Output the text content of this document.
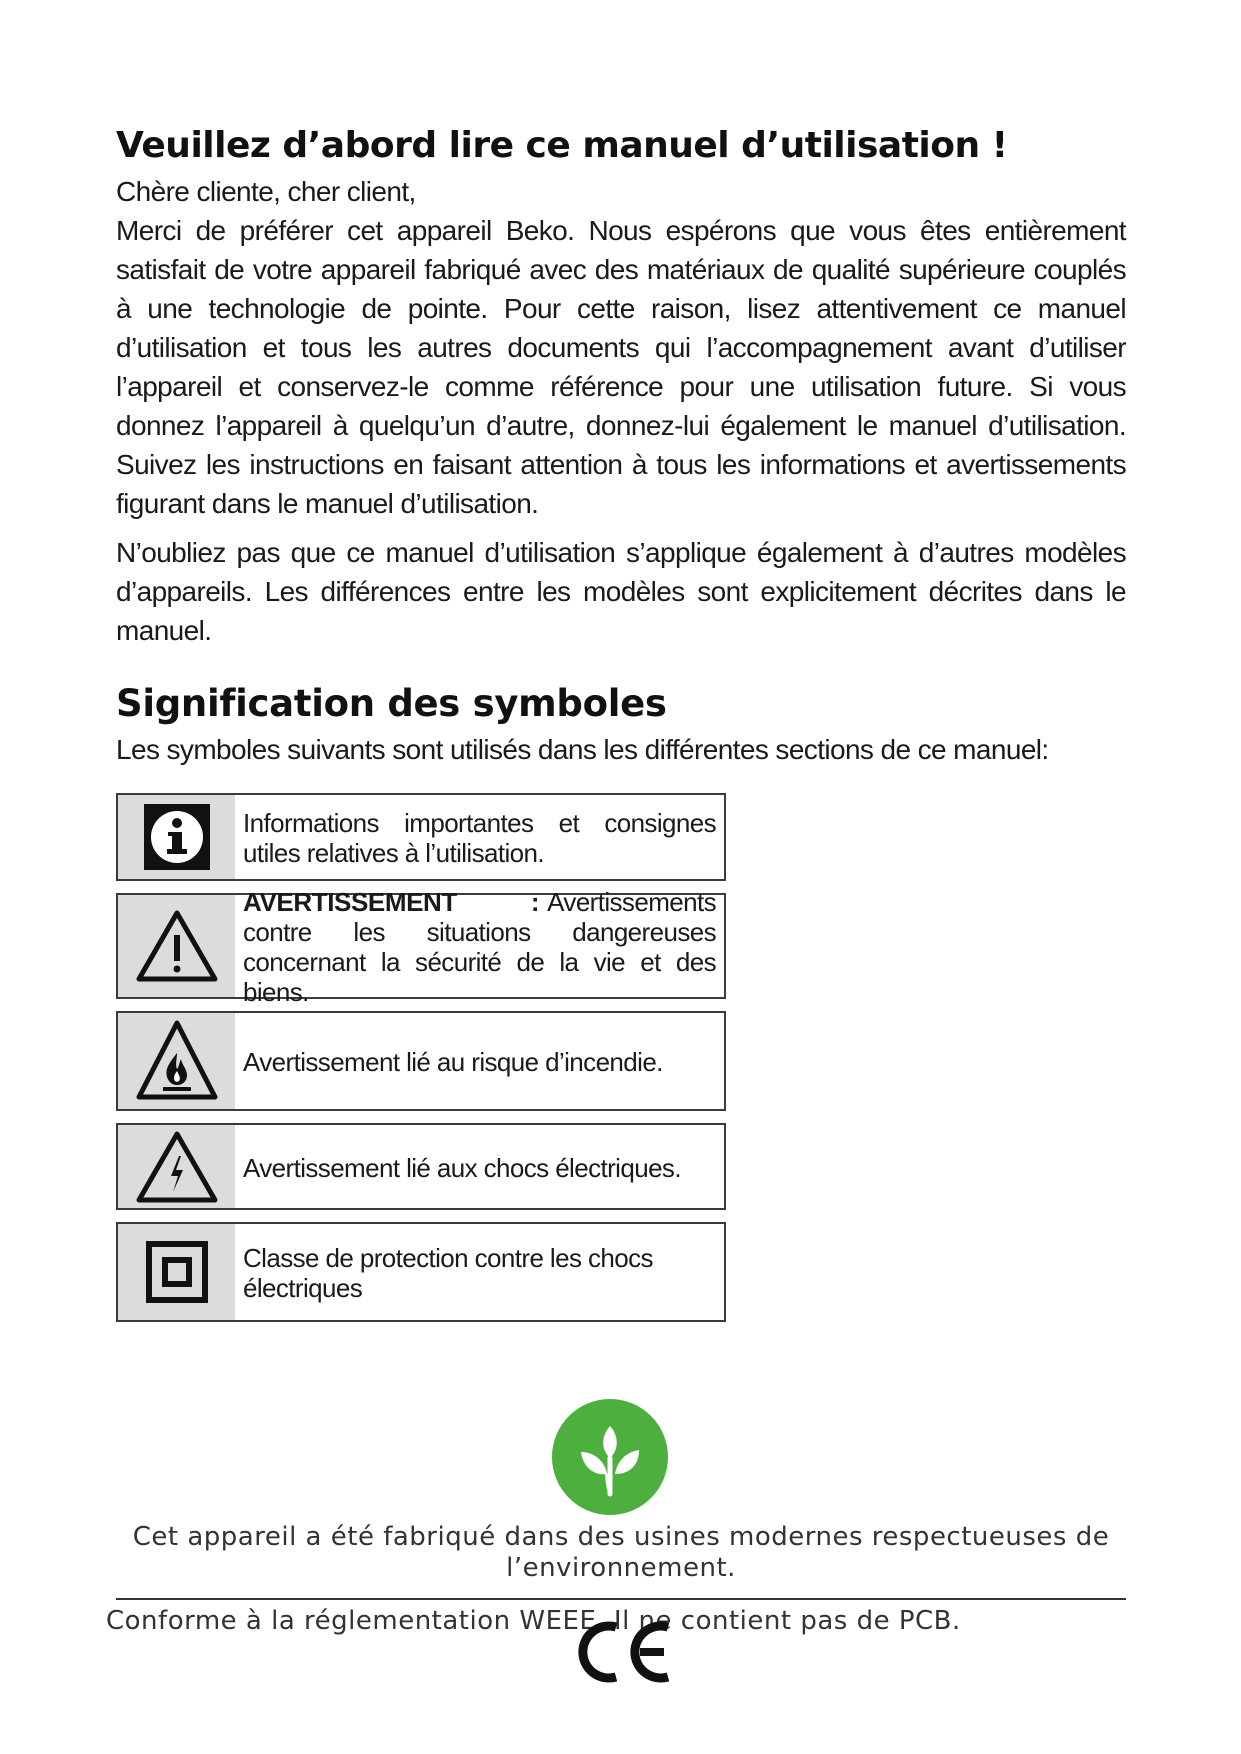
Veuillez d’abord lire ce manuel d’utilisation !

Chère cliente, cher client,

Merci de préférer cet appareil Beko. Nous espérons que vous êtes entièrement satisfait de votre appareil fabriqué avec des matériaux de qualité supérieure couplés à une technologie de pointe. Pour cette raison, lisez attentivement ce manuel d’utilisation et tous les autres documents qui l’accompagnement avant d’utiliser l’appareil et conservez-le comme référence pour une utilisation future. Si vous donnez l’appareil à quelqu’un d’autre, donnez-lui également le manuel d’utilisation. Suivez les instructions en faisant attention à tous les informations et avertissements figurant dans le manuel d’utilisation.

N’oubliez pas que ce manuel d’utilisation s’applique également à d’autres modèles d’appareils. Les différences entre les modèles sont explicitement décrites dans le manuel.

Signification des symboles

Les symboles suivants sont utilisés dans les différentes sections de ce manuel:

Informations importantes et consignes utiles relatives à l’utilisation.
AVERTISSEMENT : Avertissements contre les situations dangereuses concernant la sécurité de la vie et des biens.
Avertissement lié au risque d’incendie.
Avertissement lié aux chocs électriques.
Classe de protection contre les chocs électriques
Cet appareil a été fabriqué dans des usines modernes respectueuses de l’environnement.
Conforme à la réglementation WEEE. Il ne contient pas de PCB.
